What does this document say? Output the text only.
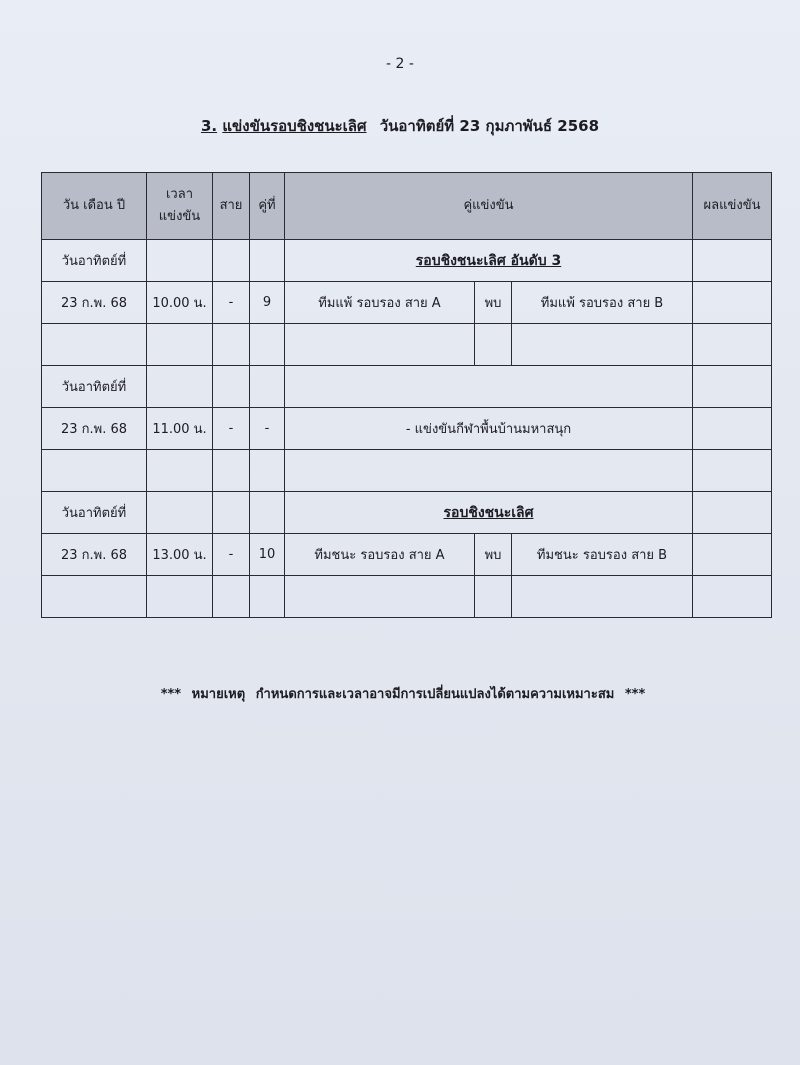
- 2 -
3. แข่งขันรอบชิงชนะเลิศ วันอาทิตย์ที่ 23 กุมภาพันธ์ 2568
วัน เดือน ปี	เวลา
แข่งขัน	สาย	คู่ที่	คู่แข่งขัน			ผลแข่งขัน
วันอาทิตย์ที่				รอบชิงชนะเลิศ อันดับ 3			
23 ก.พ. 68	10.00 น.	-	9	ทีมแพ้ รอบรอง สาย A	พบ	ทีมแพ้ รอบรอง สาย B	

วันอาทิตย์ที่							
23 ก.พ. 68	11.00 น.	-	-	- แข่งขันกีฬาพื้นบ้านมหาสนุก			

วันอาทิตย์ที่				รอบชิงชนะเลิศ			
23 ก.พ. 68	13.00 น.	-	10	ทีมชนะ รอบรอง สาย A	พบ	ทีมชนะ รอบรอง สาย B	

*** หมายเหตุ กำหนดการและเวลาอาจมีการเปลี่ยนแปลงได้ตามความเหมาะสม ***
